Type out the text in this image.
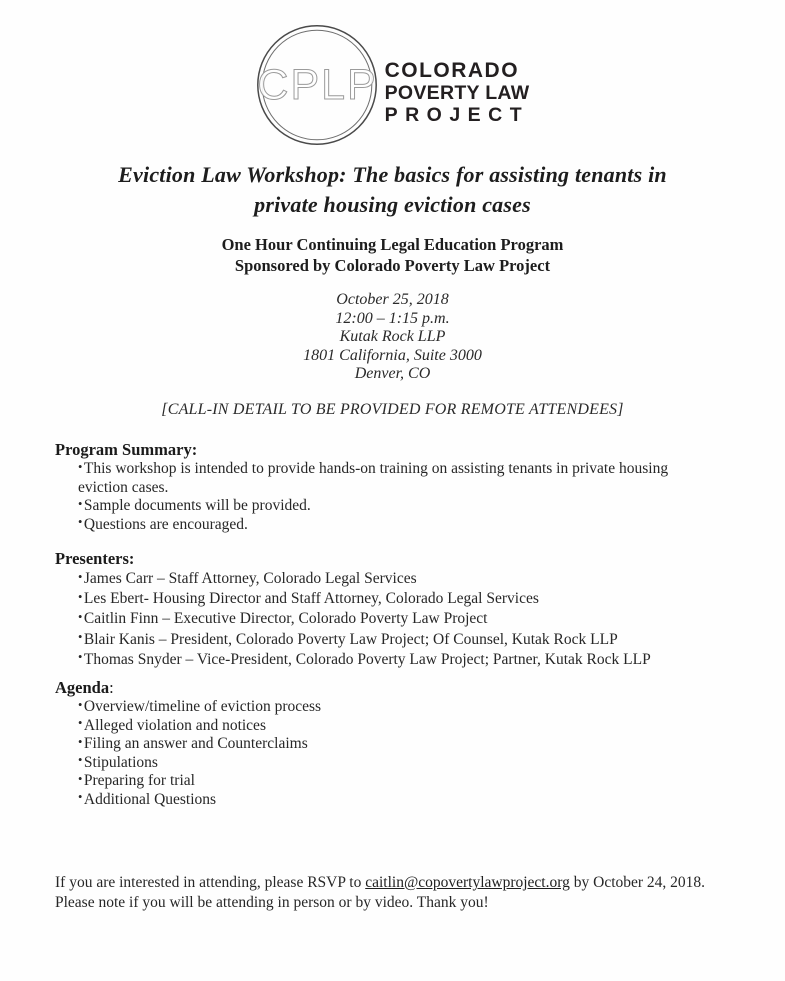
CPLP COLORADO
POVERTY LAW
PROJECT
Eviction Law Workshop: The basics for assisting tenants in
private housing eviction cases
One Hour Continuing Legal Education Program
Sponsored by Colorado Poverty Law Project
October 25, 2018
12:00 – 1:15 p.m.
Kutak Rock LLP
1801 California, Suite 3000
Denver, CO
[CALL-IN DETAIL TO BE PROVIDED FOR REMOTE ATTENDEES]
Program Summary:
• This workshop is intended to provide hands-on training on assisting tenants in private housing eviction cases.
• Sample documents will be provided.
• Questions are encouraged.
Presenters:
• James Carr – Staff Attorney, Colorado Legal Services
• Les Ebert- Housing Director and Staff Attorney, Colorado Legal Services
• Caitlin Finn – Executive Director, Colorado Poverty Law Project
• Blair Kanis – President, Colorado Poverty Law Project; Of Counsel, Kutak Rock LLP
• Thomas Snyder – Vice-President, Colorado Poverty Law Project; Partner, Kutak Rock LLP
Agenda:
• Overview/timeline of eviction process
• Alleged violation and notices
• Filing an answer and Counterclaims
• Stipulations
• Preparing for trial
• Additional Questions
If you are interested in attending, please RSVP to caitlin@copovertylawproject.org by October 24, 2018. Please note if you will be attending in person or by video. Thank you!
